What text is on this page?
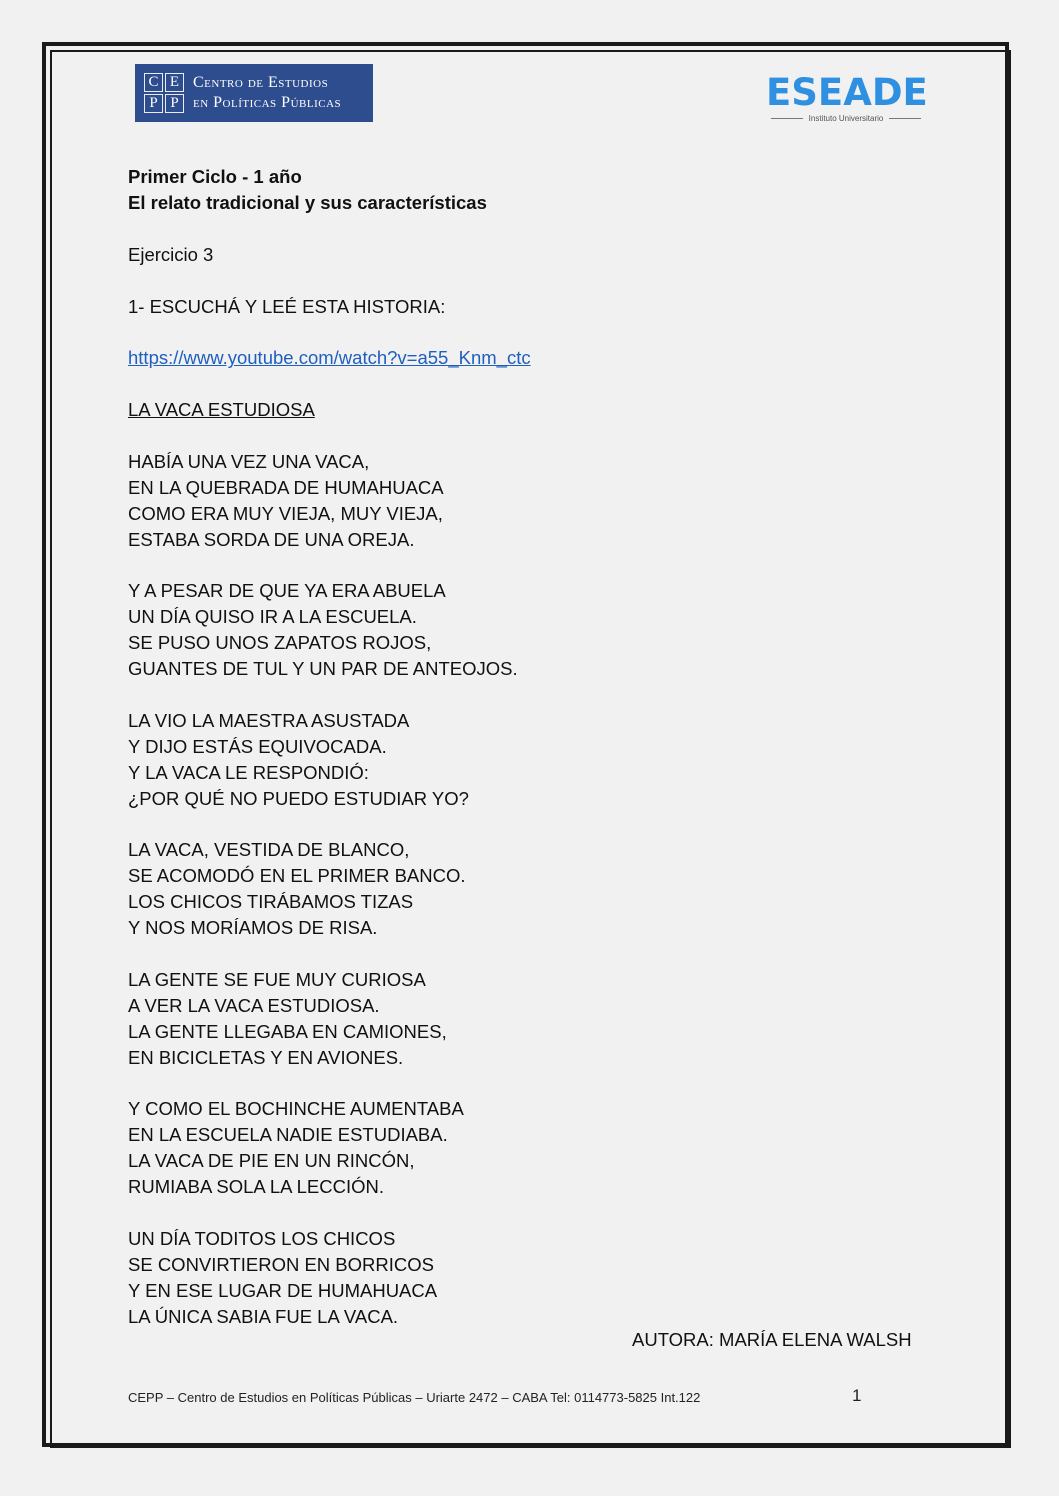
C E
P P
Centro de Estudios
en Políticas Públicas	ESEADE
Instituto Universitario

Primer Ciclo - 1 año

El relato tradicional y sus características

Ejercicio 3

1- ESCUCHÁ Y LEÉ ESTA HISTORIA:

https://www.youtube.com/watch?v=a55_Knm_ctc

LA VACA ESTUDIOSA

HABÍA UNA VEZ UNA VACA,

EN LA QUEBRADA DE HUMAHUACA

COMO ERA MUY VIEJA, MUY VIEJA,

ESTABA SORDA DE UNA OREJA.

Y A PESAR DE QUE YA ERA ABUELA

UN DÍA QUISO IR A LA ESCUELA.

SE PUSO UNOS ZAPATOS ROJOS,

GUANTES DE TUL Y UN PAR DE ANTEOJOS.

LA VIO LA MAESTRA ASUSTADA

Y DIJO ESTÁS EQUIVOCADA.

Y LA VACA LE RESPONDIÓ:

¿POR QUÉ NO PUEDO ESTUDIAR YO?

LA VACA, VESTIDA DE BLANCO,

SE ACOMODÓ EN EL PRIMER BANCO.

LOS CHICOS TIRÁBAMOS TIZAS

Y NOS MORÍAMOS DE RISA.

LA GENTE SE FUE MUY CURIOSA

A VER LA VACA ESTUDIOSA.

LA GENTE LLEGABA EN CAMIONES,

EN BICICLETAS Y EN AVIONES.

Y COMO EL BOCHINCHE AUMENTABA

EN LA ESCUELA NADIE ESTUDIABA.

LA VACA DE PIE EN UN RINCÓN,

RUMIABA SOLA LA LECCIÓN.

UN DÍA TODITOS LOS CHICOS

SE CONVIRTIERON EN BORRICOS

Y EN ESE LUGAR DE HUMAHUACA

LA ÚNICA SABIA FUE LA VACA.

AUTORA: MARÍA ELENA WALSH
CEPP – Centro de Estudios en Políticas Públicas – Uriarte 2472 – CABA Tel: 0114773-5825 Int.122	1
